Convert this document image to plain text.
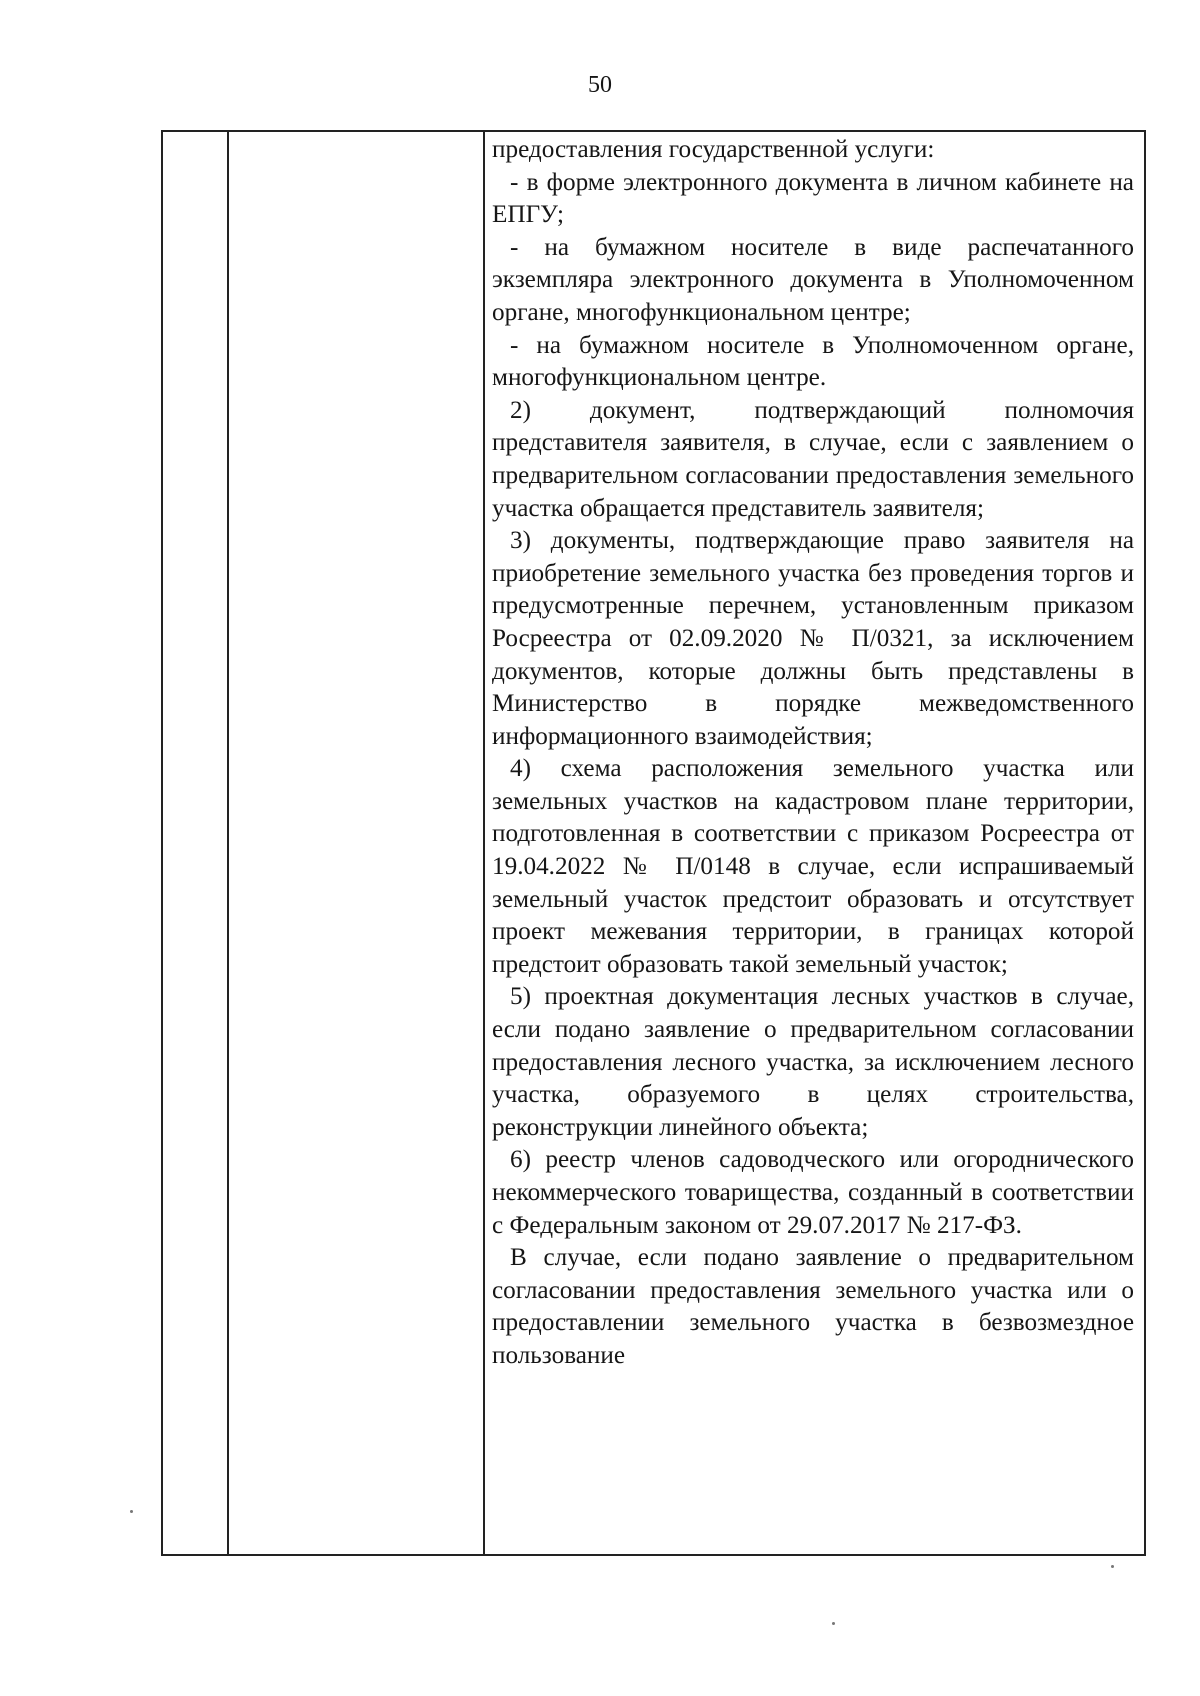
50

предоставления государственной услуги:

- в форме электронного документа в личном кабинете на ЕПГУ;

- на бумажном носителе в виде распечатанного экземпляра электронного документа в Уполномоченном органе, многофункциональном центре;

- на бумажном носителе в Уполномоченном органе, многофункциональном центре.

2) документ, подтверждающий полномочия представителя заявителя, в случае, если с заявлением о предварительном согласовании предоставления земельного участка обращается представитель заявителя;

3) документы, подтверждающие право заявителя на приобретение земельного участка без проведения торгов и предусмотренные перечнем, установленным приказом Росреестра от 02.09.2020 № П/0321, за исключением документов, которые должны быть представлены в Министерство в порядке межведомственного информационного взаимодействия;

4) схема расположения земельного участка или земельных участков на кадастровом плане территории, подготовленная в соответствии с приказом Росреестра от 19.04.2022 № П/0148 в случае, если испрашиваемый земельный участок предстоит образовать и отсутствует проект межевания территории, в границах которой предстоит образовать такой земельный участок;

5) проектная документация лесных участков в случае, если подано заявление о предварительном согласовании предоставления лесного участка, за исключением лесного участка, образуемого в целях строительства, реконструкции линейного объекта;

6) реестр членов садоводческого или огороднического некоммерческого товарищества, созданный в соответствии с Федеральным законом от 29.07.2017 № 217-ФЗ.

В случае, если подано заявление о предварительном согласовании предоставления земельного участка или о предоставлении земельного участка в безвозмездное пользование
